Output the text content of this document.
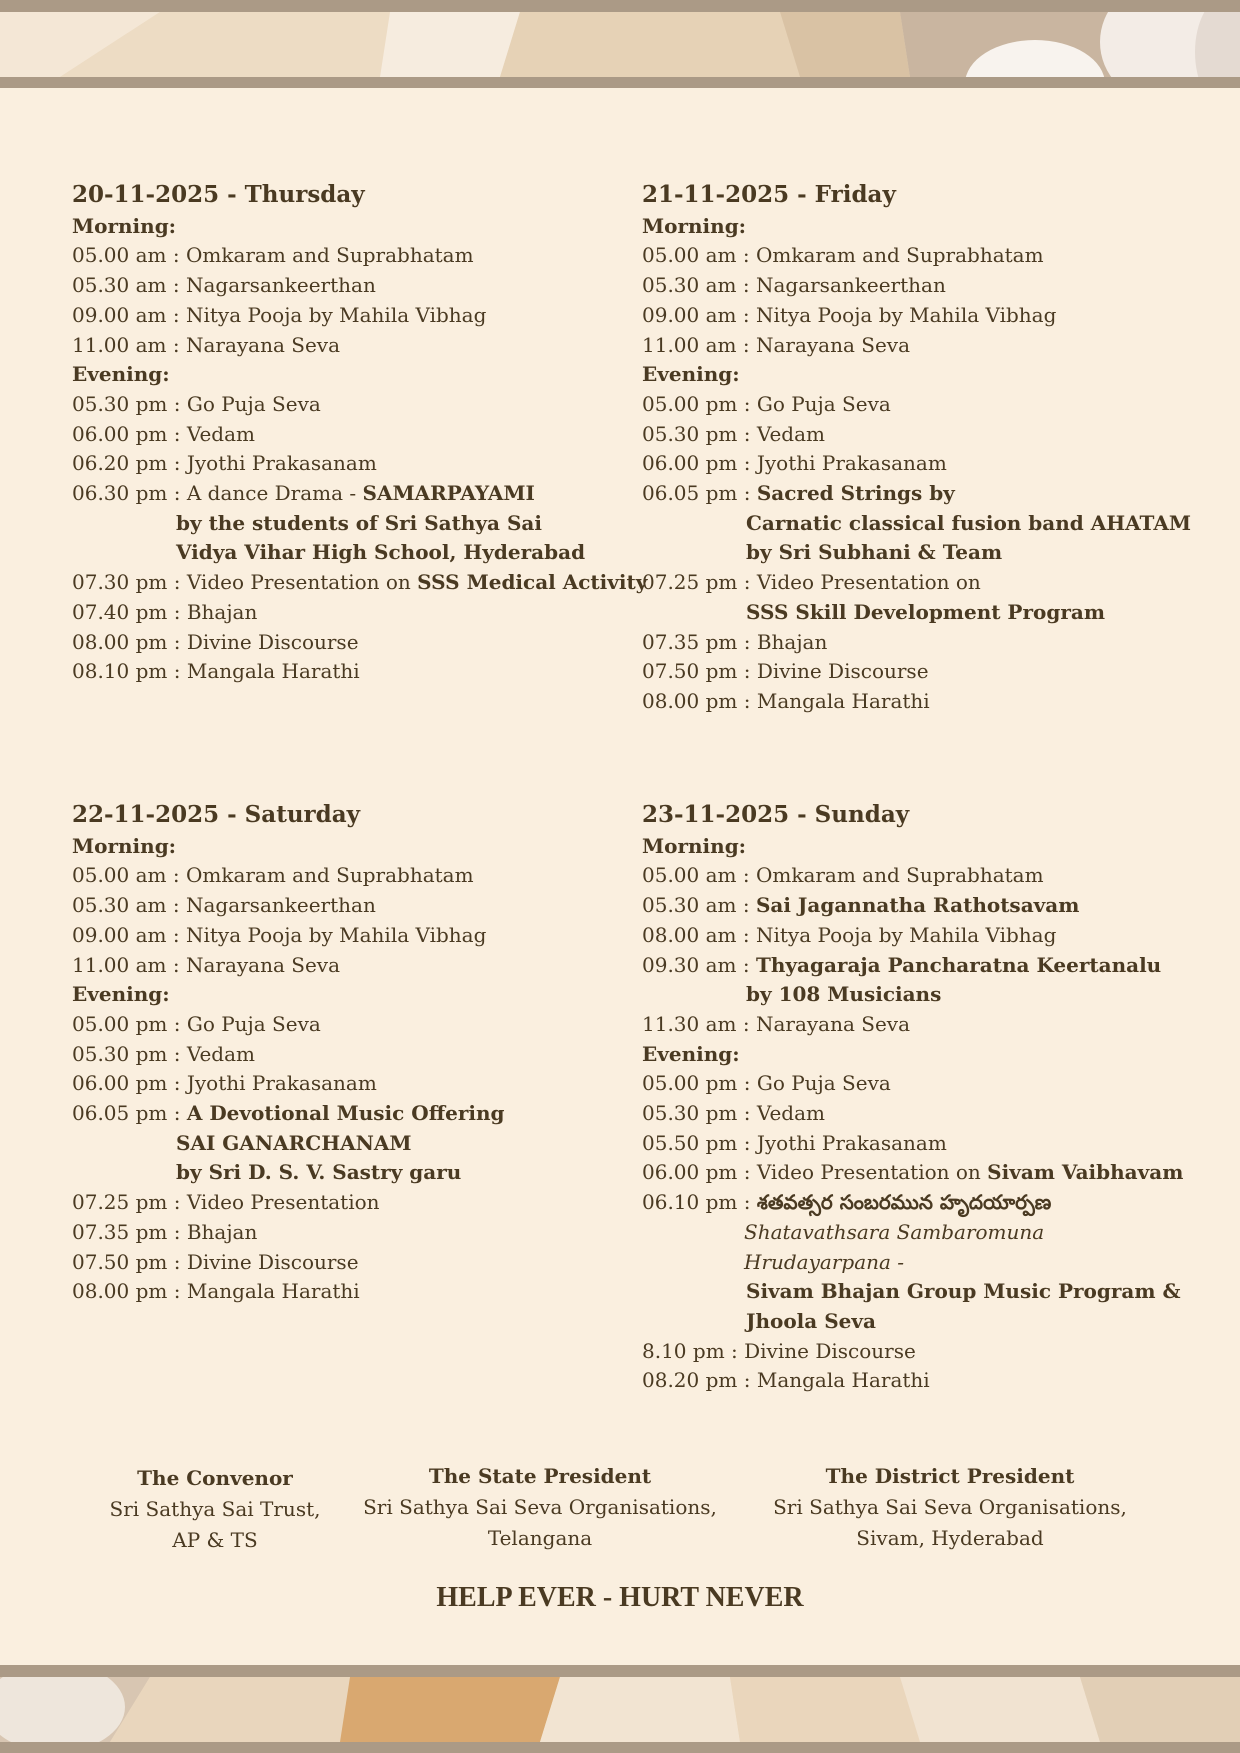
20-11-2025 - Thursday
Morning:
05.00 am : Omkaram and Suprabhatam
05.30 am : Nagarsankeerthan
09.00 am : Nitya Pooja by Mahila Vibhag
11.00 am : Narayana Seva
Evening:
05.30 pm : Go Puja Seva
06.00 pm : Vedam
06.20 pm : Jyothi Prakasanam
06.30 pm : A dance Drama - SAMARPAYAMI
by the students of Sri Sathya Sai
Vidya Vihar High School, Hyderabad
07.30 pm : Video Presentation on SSS Medical Activity
07.40 pm : Bhajan
08.00 pm : Divine Discourse
08.10 pm : Mangala Harathi
21-11-2025 - Friday
Morning:
05.00 am : Omkaram and Suprabhatam
05.30 am : Nagarsankeerthan
09.00 am : Nitya Pooja by Mahila Vibhag
11.00 am : Narayana Seva
Evening:
05.00 pm : Go Puja Seva
05.30 pm : Vedam
06.00 pm : Jyothi Prakasanam
06.05 pm : Sacred Strings by
Carnatic classical fusion band AHATAM
by Sri Subhani & Team
07.25 pm : Video Presentation on
SSS Skill Development Program
07.35 pm : Bhajan
07.50 pm : Divine Discourse
08.00 pm : Mangala Harathi
22-11-2025 - Saturday
Morning:
05.00 am : Omkaram and Suprabhatam
05.30 am : Nagarsankeerthan
09.00 am : Nitya Pooja by Mahila Vibhag
11.00 am : Narayana Seva
Evening:
05.00 pm : Go Puja Seva
05.30 pm : Vedam
06.00 pm : Jyothi Prakasanam
06.05 pm : A Devotional Music Offering
SAI GANARCHANAM
by Sri D. S. V. Sastry garu
07.25 pm : Video Presentation
07.35 pm : Bhajan
07.50 pm : Divine Discourse
08.00 pm : Mangala Harathi
23-11-2025 - Sunday
Morning:
05.00 am : Omkaram and Suprabhatam
05.30 am : Sai Jagannatha Rathotsavam
08.00 am : Nitya Pooja by Mahila Vibhag
09.30 am : Thyagaraja Pancharatna Keertanalu
by 108 Musicians
11.30 am : Narayana Seva
Evening:
05.00 pm : Go Puja Seva
05.30 pm : Vedam
05.50 pm : Jyothi Prakasanam
06.00 pm : Video Presentation on Sivam Vaibhavam
06.10 pm : శతవత్సర సంబరమున హృదయార్పణ
Shatavathsara Sambaromuna
Hrudayarpana -
Sivam Bhajan Group Music Program &
Jhoola Seva
8.10 pm : Divine Discourse
08.20 pm : Mangala Harathi
The Convenor
Sri Sathya Sai Trust,
AP & TS
The State President
Sri Sathya Sai Seva Organisations,
Telangana
The District President
Sri Sathya Sai Seva Organisations,
Sivam, Hyderabad
HELP EVER - HURT NEVER
